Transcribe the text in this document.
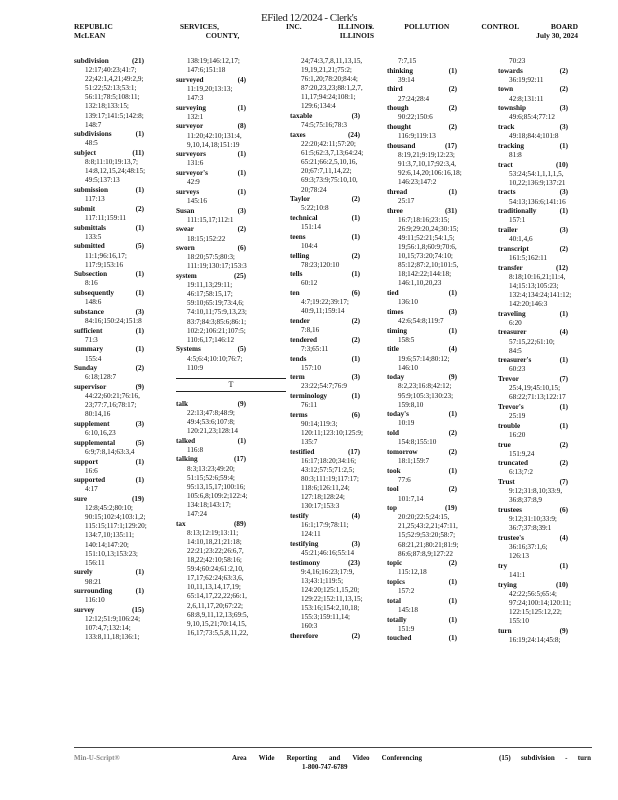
EFiled 12/2024 - Clerk's
REPUBLIC SERVICES, INC. v.
McLEAN COUNTY, ILLINOIS
ILLINOIS POLLUTION CONTROL BOARD
July 30, 2024
subdivision	(21)
12:17;40:23;41:7;
22;42:1,4,21;49:2,9;
51:22;52:13;53:1;
56:11;78:5;108:11;
132:18;133:15;
139:17;141:5;142:8;
148:7
subdivisions	(1)
48:5
subject	(11)
8:8;11:10;19:13,7;
14:8,12,15,24;48:15;
49:5;137:13
submission	(1)
117:13
submit	(2)
117:11;159:11
submittals	(1)
133:5
submitted	(5)
11:1;96:16,17;
117:9;153:16
Subsection	(1)
8:16
subsequently	(1)
148:6
substance	(3)
84:16;150:24;151:8
sufficient	(1)
71:3
summary	(1)
155:4
Sunday	(2)
6:18;128:7
supervisor	(9)
44:22;60:21;76:16,
23;77:7,16;78:17;
80:14,16
supplement	(3)
6:10,16,23
supplemental	(5)
6:9;7:8,14;63:3,4
support	(1)
16:6
supported	(1)
4:17
sure	(19)
12:8;45:2;80:10;
90:15;102:4;103:1,2;
115:15;117:1;129:20;
134:7,10;135:11;
140:14;147:20;
151:10,13;153:23;
156:11
surely	(1)
98:21
surrounding	(1)
116:10
survey	(15)
12:12;51:9;106:24;
107:4,7;132:14;
133:8,11,18;136:1;
138:19;146:12,17;
147:6;151:18
surveyed	(4)
11:19,20;13:13;
147:3
surveying	(1)
132:1
surveyor	(8)
11:20;42:10;131:4,
9,10,14,18;151:19
surveyors	(1)
131:6
surveyor's	(1)
42:9
surveys	(1)
145:16
Susan	(3)
111:15,17;112:1
swear	(2)
18:15;152:22
sworn	(6)
18:20;57:5;80:3;
111:19;130:17;153:3
system	(25)
19:11,13;29:11;
46:17;58:15,17;
59:10;65:19;73:4,6;
74:10,11;75:9,13,23;
83:7;84:3;85:6;86:1;
102:2;106:21;107:5;
110:6,17;146:12
Systems	(5)
4:5;6:4;10:10;76:7;
110:9
T
talk	(9)
22:13;47:8;48:9;
49:4;53:6;107:8;
120:21,23;128:14
talked	(1)
116:8
talking	(17)
8:3;13:23;49:20;
51:15;52:6;59:4;
95:13,15,17;100:16;
105:6,8;109:2;122:4;
134:18;143:17;
147:24
tax	(89)
8:13;12:19;13:11;
14:10,18,21;21:18;
22:21;23:22;26:6,7,
18,22;42:10;58:16;
59:4;60:24;61:2,10,
17,17;62:24;63:3,6,
10,11,13,14,17,19;
65:14,17,22,22;66:1,
2,6,11,17,20;67:22;
68:8,9,11,12,13;69:5,
9,10,15,21;70:14,15,
16,17;73:5,5,8,11,22,
24;74:3,7,8,11,13,15,
19,19,21,21;75:2;
76:1,20;78:20;84:4;
87:20,23,23;88:1,2,7,
11,17;94:24;108:1;
129:6;134:4
taxable	(3)
74:5;75:16;78:3
taxes	(24)
22:20;42:11;57:20;
61:5;62:3,7,13;64:24;
65:21;66:2,5,10,16,
20;67:7,11,14,22;
69:3;73:9;75:10,10,
20;78:24
Taylor	(2)
5:22;10:8
technical	(1)
151:14
teens	(1)
104:4
telling	(2)
78:23;120:10
tells	(1)
60:12
ten	(6)
4:7;19:22;39:17;
40:9,11;159:14
tender	(2)
7:8,16
tendered	(2)
7:3;65:11
tends	(1)
157:10
term	(3)
23:22;54:7;76:9
terminology	(1)
76:11
terms	(6)
90:14;119:3;
120:11;123:10;125:9;
135:7
testified	(17)
16:17;18:20;34:16;
43:12;57:5;71:2,5;
80:3;111:19;117:17;
118:6;126:11,24;
127:18;128:24;
130:17;153:3
testify	(4)
16:1;17:9;78:11;
124:11
testifying	(3)
45:21;46:16;55:14
testimony	(23)
9:4,16;16:23;17:9,
13;43:1;119:5;
124:20;125:1,15,20;
129:22;152:11,13,15;
153:16;154:2,10,18;
155:3;159:11,14;
160:3
therefore	(2)
7:7,15
thinking	(1)
39:14
third	(2)
27:24;28:4
though	(2)
90:22;150:6
thought	(2)
116:9;119:13
thousand	(17)
8:19,21;9:19;12:23;
91:3,7,10,17;92:3,4,
92:6,14,20;106:16,18;
146:23;147:2
thread	(1)
25:17
three	(31)
16:7;18:16;23:15;
26:9;29:20,24;30:15;
49:11;52:21;54:1,5;
19;56:1,8;60:9;70:6,
10,15;73:20;74:10;
85:12;87:2,10;101:5,
18;142:22;144:18;
146:1,10,20,23
tied	(1)
136:10
times	(3)
42:6;54:8;119:7
timing	(1)
158:5
title	(4)
19:6;57:14;80:12;
146:10
today	(9)
8:2,23;16:8;42:12;
95:9;105:3;130:23;
159:8,10
today's	(1)
10:19
told	(2)
154:8;155:10
tomorrow	(2)
18:1;159:7
took	(1)
77:6
tool	(2)
101:7,14
top	(19)
20:20;22:5;24:15,
21,25;43:2,21;47:11,
15;52:9;53:20;58:7;
68:21,21;80:21;81:9;
86:6;87:8,9;127:22
topic	(2)
115:12,18
topics	(1)
157:2
total	(1)
145:18
totally	(1)
151:9
touched	(1)
70:23
towards	(2)
36:19;92:11
town	(2)
42:8;131:11
township	(3)
49:6;85:4;77:12
track	(3)
49:18;84:4;101:8
tracking	(1)
81:8
tract	(10)
53:24;54:1,1,1,1,5,
10,22;136:9;137:21
tracts	(3)
54:13;136:6;141:16
traditionally	(1)
157:1
trailer	(3)
40:1,4,6
transcript	(2)
161:5;162:11
transfer	(12)
8:18;10:16,21;11:4,
14;15:13;105:23;
132:4;134:24;141:12;
142:20;146:3
traveling	(1)
6:20
treasurer	(4)
57:15,22;61:10;
84:5
treasurer's	(1)
60:23
Trevor	(7)
25:4,19;45:10,15;
68:22;71:13;122:17
Trevor's	(1)
25:19
trouble	(1)
16:20
true	(2)
151:9,24
truncated	(2)
6:13;7:2
Trust	(7)
9:12;31:8,10;33:9,
36:8;37:8,9
trustees	(6)
9:12;31:10;33:9;
36:7;37:8;39:1
trustee's	(4)
36:16;37:1,6;
126:13
try	(1)
141:1
trying	(10)
42:22;56:5;65:4;
97:24;100:14;120:11;
122:15;125:12,22;
155:10
turn	(9)
16:19;24:14;45:8;
Min-U-Script®	Area Wide Reporting and Video Conferencing
1-800-747-6789
(15) subdivision - turn
